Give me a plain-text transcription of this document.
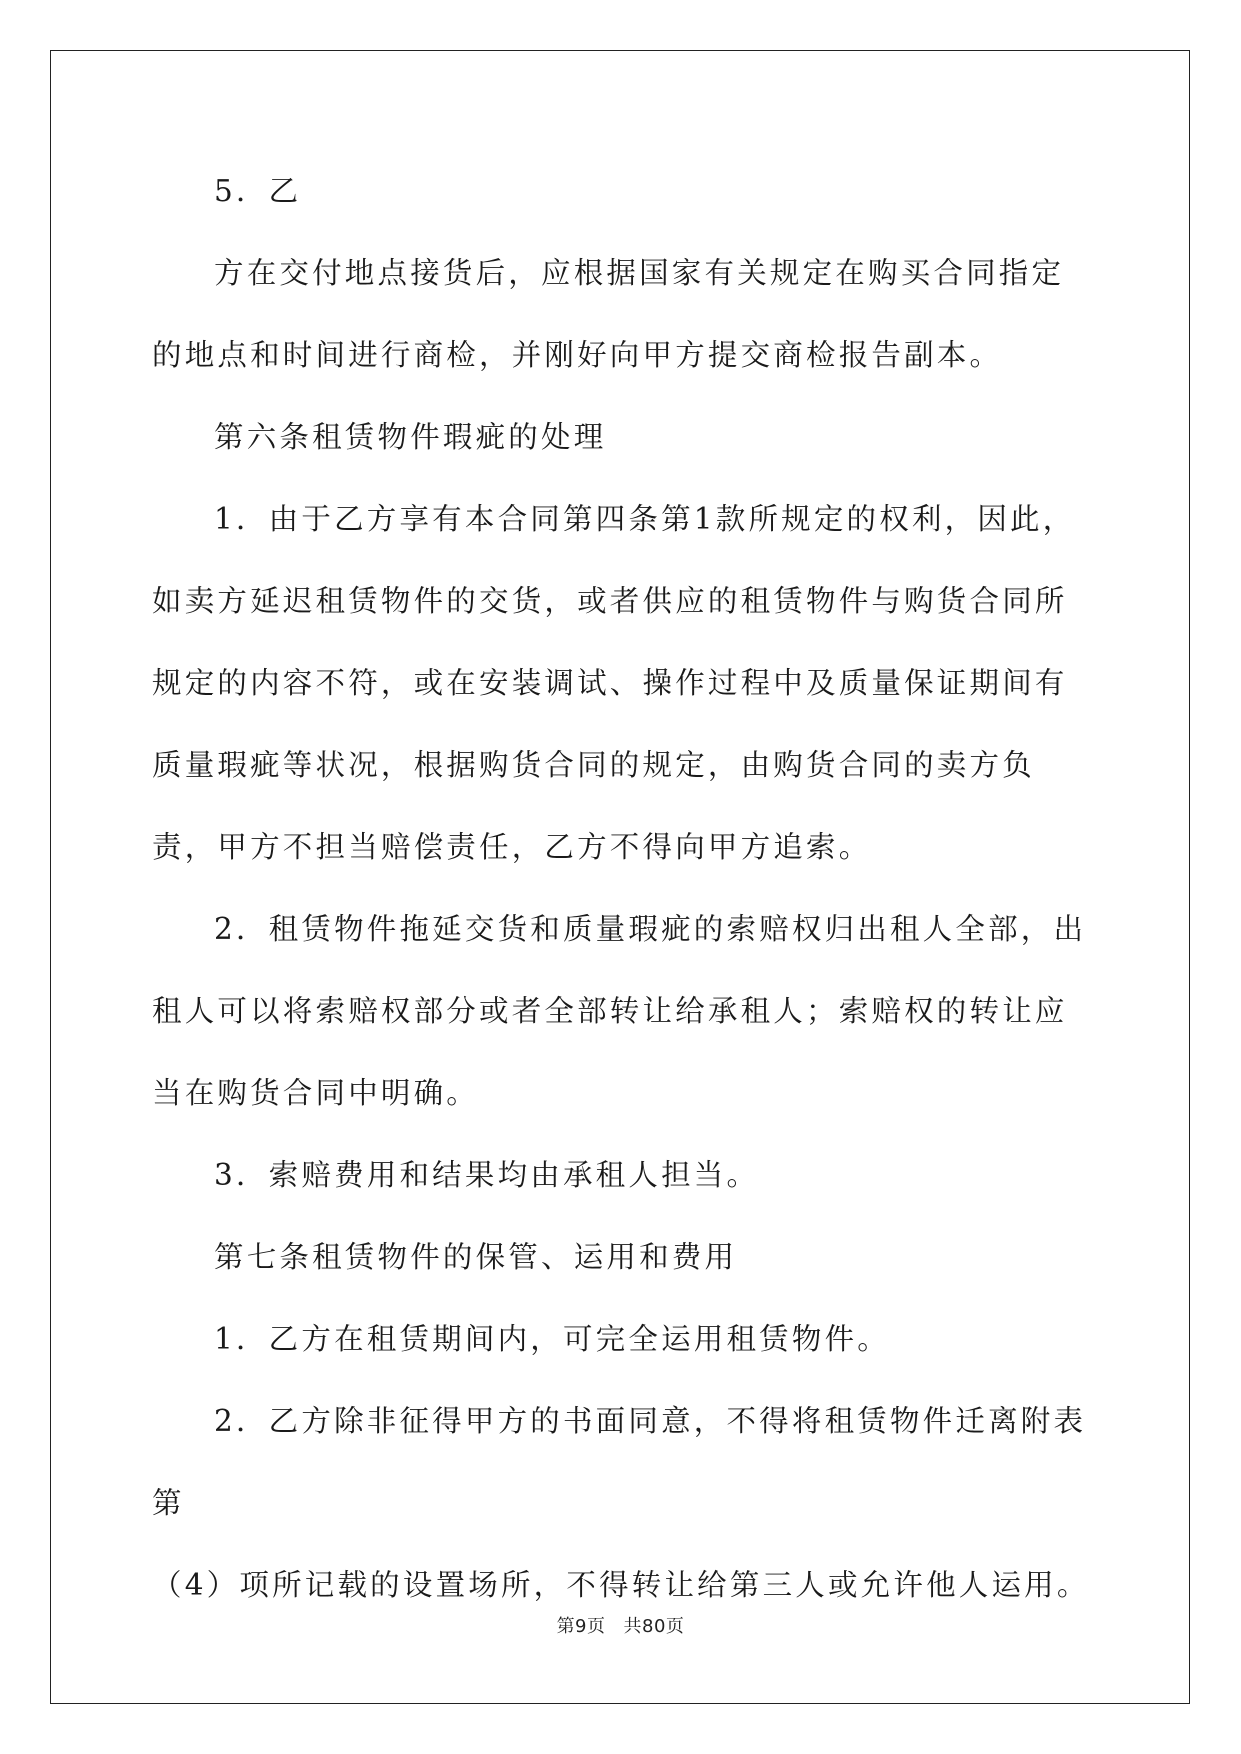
5．乙

方在交付地点接货后，应根据国家有关规定在购买合同指定的地点和时间进行商检，并刚好向甲方提交商检报告副本。

第六条租赁物件瑕疵的处理

1．由于乙方享有本合同第四条第1款所规定的权利，因此，如卖方延迟租赁物件的交货，或者供应的租赁物件与购货合同所规定的内容不符，或在安装调试、操作过程中及质量保证期间有质量瑕疵等状况，根据购货合同的规定，由购货合同的卖方负责，甲方不担当赔偿责任，乙方不得向甲方追索。

2．租赁物件拖延交货和质量瑕疵的索赔权归出租人全部，出租人可以将索赔权部分或者全部转让给承租人；索赔权的转让应当在购货合同中明确。

3．索赔费用和结果均由承租人担当。

第七条租赁物件的保管、运用和费用

1．乙方在租赁期间内，可完全运用租赁物件。

2．乙方除非征得甲方的书面同意，不得将租赁物件迁离附表第

（4）项所记载的设置场所，不得转让给第三人或允许他人运用。

第9页 共80页
